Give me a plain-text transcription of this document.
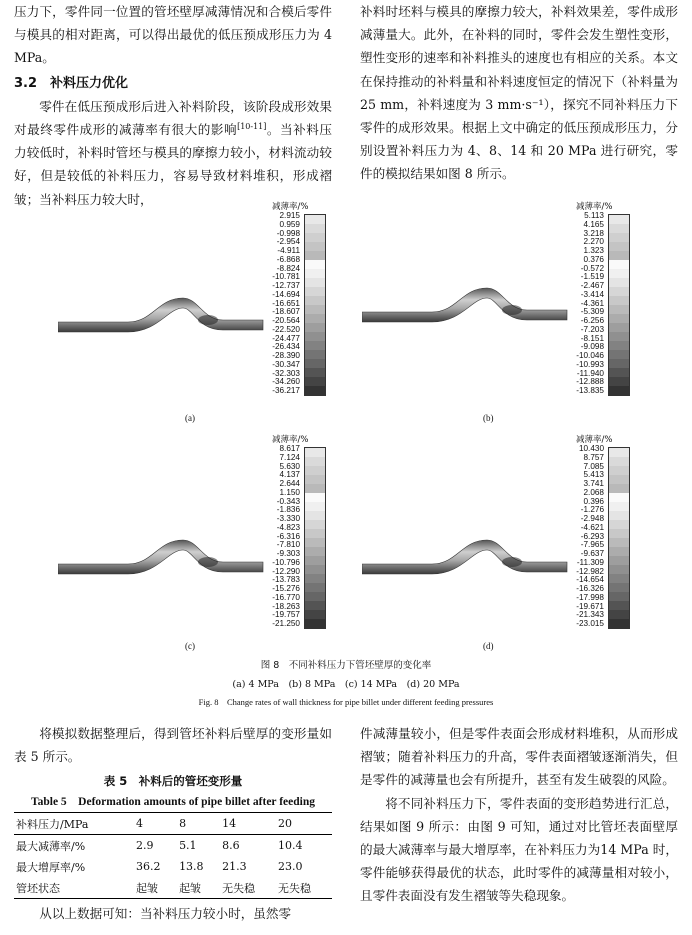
压力下，零件同一位置的管坯壁厚减薄情况和合模后零件与模具的相对距离，可以得出最优的低压预成形压力为 4 MPa。

3.2　补料压力优化

零件在低压预成形后进入补料阶段，该阶段成形效果对最终零件成形的减薄率有很大的影响[10-11]。当补料压力较低时，补料时管坯与模具的摩擦力较小，材料流动较好，但是较低的补料压力，容易导致材料堆积，形成褶皱；当补料压力较大时，

补料时坯料与模具的摩擦力较大，补料效果差，零件成形减薄量大。此外，在补料的同时，零件会发生塑性变形，塑性变形的速率和补料推头的速度也有相应的关系。本文在保持推动的补料量和补料速度恒定的情况下（补料量为 25 mm，补料速度为 3 mm·s⁻¹），探究不同补料压力下零件的成形效果。根据上文中确定的低压预成形压力，分别设置补料压力为 4、8、14 和 20 MPa 进行研究，零件的模拟结果如图 8 所示。

减薄率/%
2.915
0.959
-0.998
-2.954
-4.911
-6.868
-8.824
-10.781
-12.737
-14.694
-16.651
-18.607
-20.564
-22.520
-24.477
-26.434
-28.390
-30.347
-32.303
-34.260
-36.217
(a)
减薄率/%
5.113
4.165
3.218
2.270
1.323
0.376
-0.572
-1.519
-2.467
-3.414
-4.361
-5.309
-6.256
-7.203
-8.151
-9.098
-10.046
-10.993
-11.940
-12.888
-13.835
(b)
减薄率/%
8.617
7.124
5.630
4.137
2.644
1.150
-0.343
-1.836
-3.330
-4.823
-6.316
-7.810
-9.303
-10.796
-12.290
-13.783
-15.276
-16.770
-18.263
-19.757
-21.250
(c)
减薄率/%
10.430
8.757
7.085
5.413
3.741
2.068
0.396
-1.276
-2.948
-4.621
-6.293
-7.965
-9.637
-11.309
-12.982
-14.654
-16.326
-17.998
-19.671
-21.343
-23.015
(d)
图 8　不同补料压力下管坯壁厚的变化率
(a) 4 MPa　(b) 8 MPa　(c) 14 MPa　(d) 20 MPa
Fig. 8　Change rates of wall thickness for pipe billet under different feeding pressures

将模拟数据整理后，得到管坯补料后壁厚的变形量如表 5 所示。

表 5　补料后的管坯变形量
Table 5　Deformation amounts of pipe billet after feeding
补料压力/MPa	4	8	14	20
最大减薄率/%	2.9	5.1	8.6	10.4
最大增厚率/%	36.2	13.8	21.3	23.0
管坯状态	起皱	起皱	无失稳	无失稳

从以上数据可知：当补料压力较小时，虽然零

件减薄量较小，但是零件表面会形成材料堆积，从而形成褶皱；随着补料压力的升高，零件表面褶皱逐渐消失，但是零件的减薄量也会有所提升，甚至有发生破裂的风险。

将不同补料压力下，零件表面的变形趋势进行汇总，结果如图 9 所示：由图 9 可知，通过对比管坯表面壁厚的最大减薄率与最大增厚率，在补料压力为14 MPa 时，零件能够获得最优的状态，此时零件的减薄量相对较小，且零件表面没有发生褶皱等失稳现象。
